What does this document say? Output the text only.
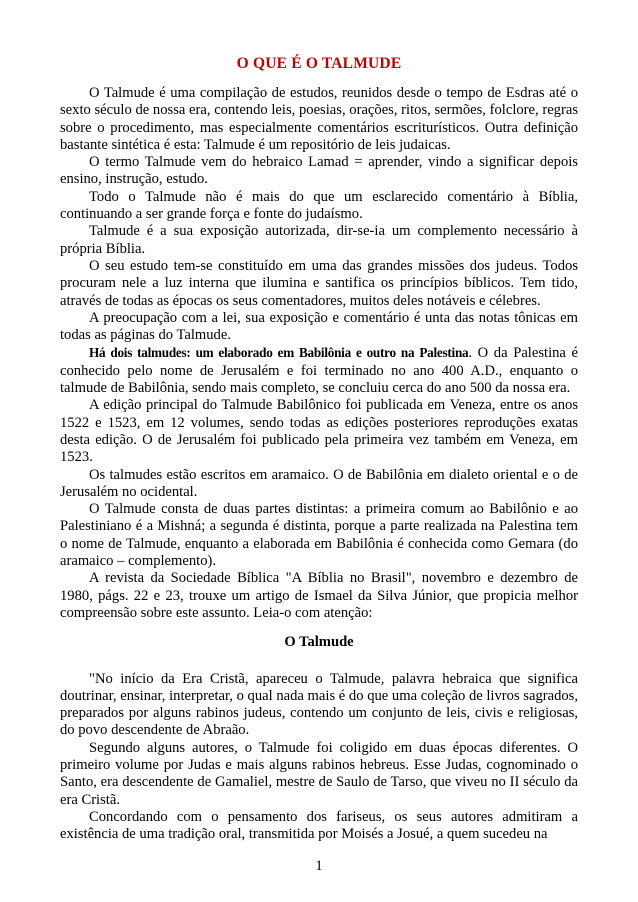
O QUE É O TALMUDE

O Talmude é uma compilação de estudos, reunidos desde o tempo de Esdras até o sexto século de nossa era, contendo leis, poesias, orações, ritos, sermões, folclore, regras sobre o procedimento, mas especialmente comentários escriturísticos. Outra definição bastante sintética é esta: Talmude é um repositório de leis judaicas.

O termo Talmude vem do hebraico Lamad = aprender, vindo a significar depois ensino, instrução, estudo.

Todo o Talmude não é mais do que um esclarecido comentário à Bíblia, continuando a ser grande força e fonte do judaísmo.

Talmude é a sua exposição autorizada, dir-se-ia um complemento necessário à própria Bíblia.

O seu estudo tem-se constituído em uma das grandes missões dos judeus. Todos procuram nele a luz interna que ilumina e santifica os princípios bíblicos. Tem tido, através de todas as épocas os seus comentadores, muitos deles notáveis e célebres.

A preocupação com a lei, sua exposição e comentário é unta das notas tônicas em todas as páginas do Talmude.

Há dois talmudes: um elaborado em Babilônia e outro na Palestina. O da Palestina é conhecido pelo nome de Jerusalém e foi terminado no ano 400 A.D., enquanto o talmude de Babilônia, sendo mais completo, se concluiu cerca do ano 500 da nossa era.

A edição principal do Talmude Babilônico foi publicada em Veneza, entre os anos 1522 e 1523, em 12 volumes, sendo todas as edições posteriores reproduções exatas desta edição. O de Jerusalém foi publicado pela primeira vez também em Veneza, em 1523.

Os talmudes estão escritos em aramaico. O de Babilônia em dialeto oriental e o de Jerusalém no ocidental.

O Talmude consta de duas partes distintas: a primeira comum ao Babilônio e ao Palestiniano é a Mishná; a segunda é distinta, porque a parte realizada na Palestina tem o nome de Talmude, enquanto a elaborada em Babilônia é conhecida como Gemara (do aramaico – complemento).

A revista da Sociedade Bíblica "A Bíblia no Brasil", novembro e dezembro de 1980, págs. 22 e 23, trouxe um artigo de Ismael da Silva Júnior, que propicia melhor compreensão sobre este assunto. Leia-o com atenção:

O Talmude

"No início da Era Cristã, apareceu o Talmude, palavra hebraica que significa doutrinar, ensinar, interpretar, o qual nada mais é do que uma coleção de livros sagrados, preparados por alguns rabinos judeus, contendo um conjunto de leis, civis e religiosas, do povo descendente de Abraão.

Segundo alguns autores, o Talmude foi coligido em duas épocas diferentes. O primeiro volume por Judas e mais alguns rabinos hebreus. Esse Judas, cognominado o Santo, era descendente de Gamaliel, mestre de Saulo de Tarso, que viveu no II século da era Cristã.

Concordando com o pensamento dos fariseus, os seus autores admitiram a existência de uma tradição oral, transmitida por Moisés a Josué, a quem sucedeu na

1
